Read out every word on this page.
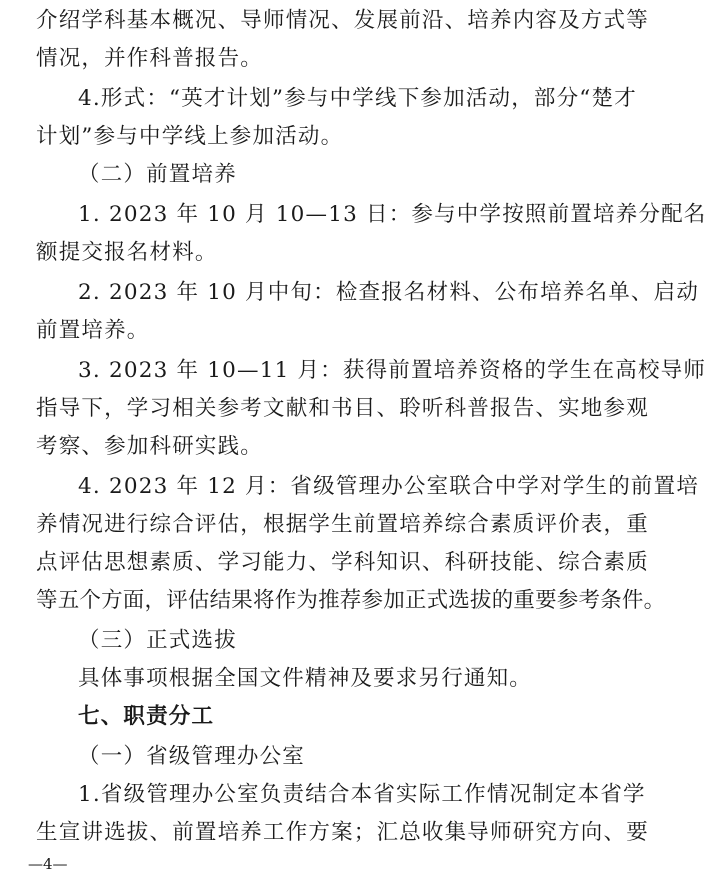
介绍学科基本概况、导师情况、发展前沿、培养内容及方式等
情况，并作科普报告。
4.形式：“英才计划”参与中学线下参加活动，部分“楚才
计划”参与中学线上参加活动。
（二）前置培养
1. 2023 年 10 月 10—13 日：参与中学按照前置培养分配名
额提交报名材料。
2. 2023 年 10 月中旬：检查报名材料、公布培养名单、启动
前置培养。
3. 2023 年 10—11 月：获得前置培养资格的学生在高校导师
指导下，学习相关参考文献和书目、聆听科普报告、实地参观
考察、参加科研实践。
4. 2023 年 12 月：省级管理办公室联合中学对学生的前置培
养情况进行综合评估，根据学生前置培养综合素质评价表，重
点评估思想素质、学习能力、学科知识、科研技能、综合素质
等五个方面，评估结果将作为推荐参加正式选拔的重要参考条件。
（三）正式选拔
具体事项根据全国文件精神及要求另行通知。
七、职责分工
（一）省级管理办公室
1.省级管理办公室负责结合本省实际工作情况制定本省学
生宣讲选拔、前置培养工作方案；汇总收集导师研究方向、要
—4—
